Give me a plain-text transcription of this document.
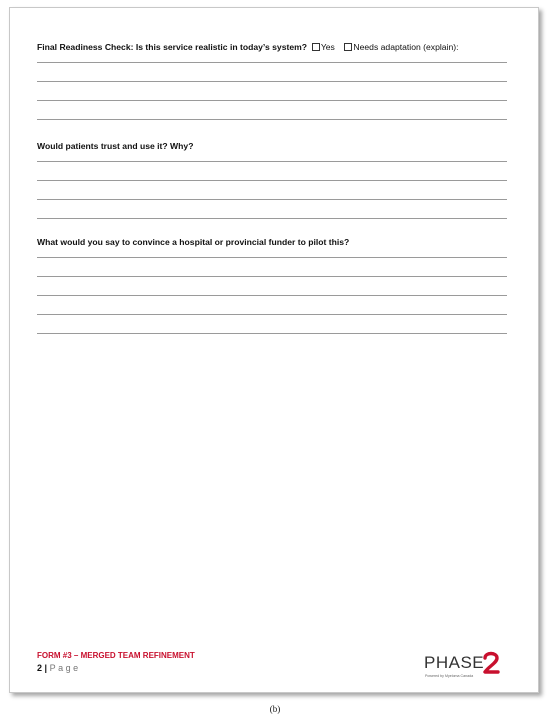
Final Readiness Check: Is this service realistic in today’s system? Yes Needs adaptation (explain):

Would patients trust and use it? Why?

What would you say to convince a hospital or provincial funder to pilot this?

FORM #3 – MERGED TEAM REFINEMENT
2 | Page	PHASE
Powered by Myeloma Canada
(b)
